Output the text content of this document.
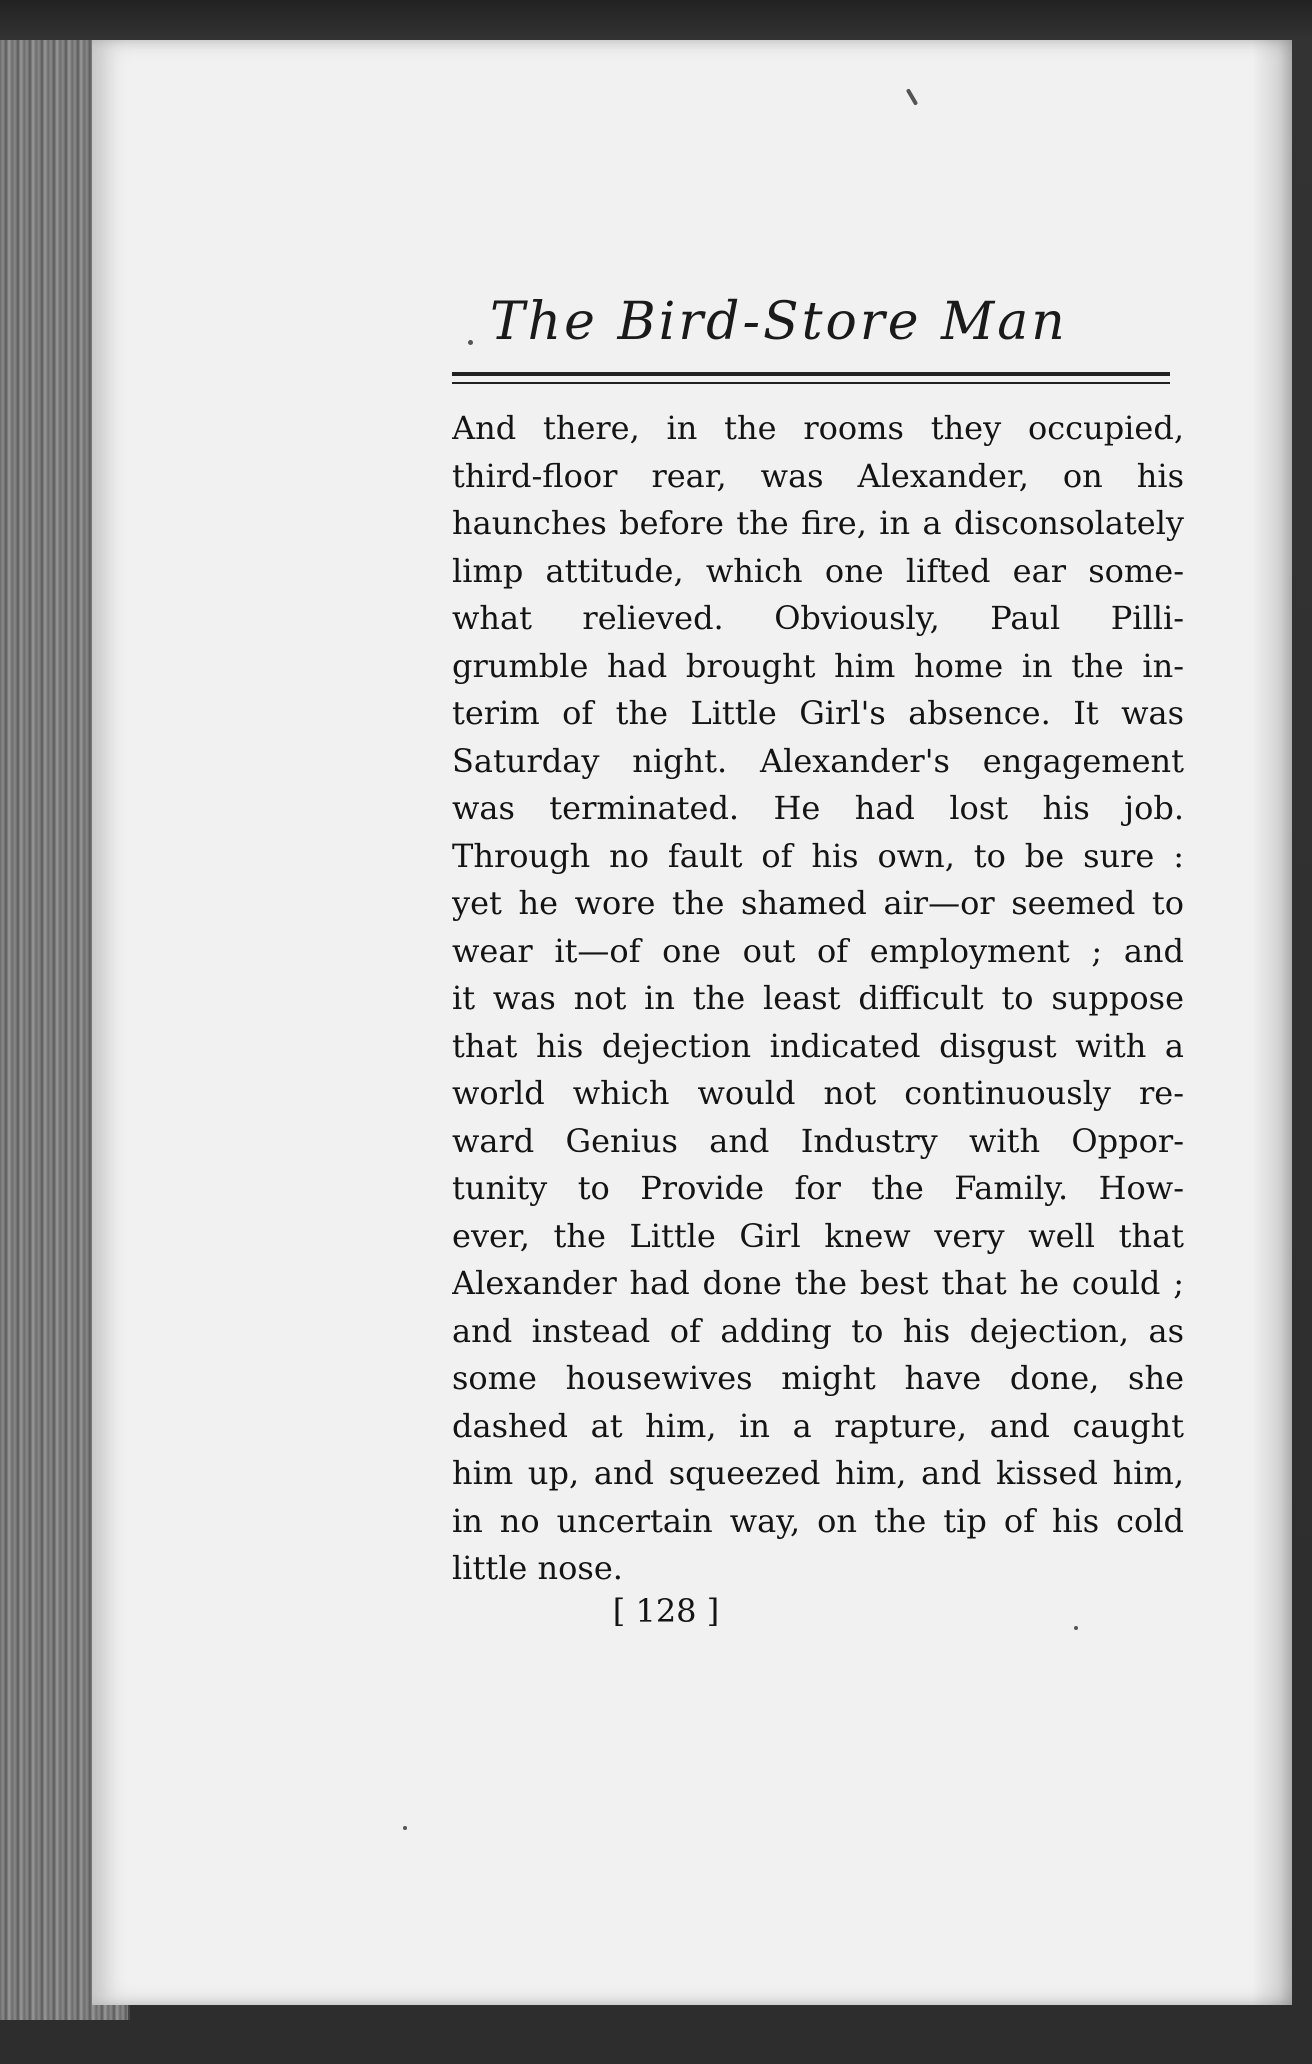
The Bird-Store Man
And there, in the rooms they occupied,
third-floor rear, was Alexander, on his
haunches before the fire, in a disconsolately
limp attitude, which one lifted ear some-
what relieved. Obviously, Paul Pilli-
grumble had brought him home in the in-
terim of the Little Girl's absence. It was
Saturday night. Alexander's engagement
was terminated. He had lost his job.
Through no fault of his own, to be sure :
yet he wore the shamed air—or seemed to
wear it—of one out of employment ; and
it was not in the least difficult to suppose
that his dejection indicated disgust with a
world which would not continuously re-
ward Genius and Industry with Oppor-
tunity to Provide for the Family. How-
ever, the Little Girl knew very well that
Alexander had done the best that he could ;
and instead of adding to his dejection, as
some housewives might have done, she
dashed at him, in a rapture, and caught
him up, and squeezed him, and kissed him,
in no uncertain way, on the tip of his cold
little nose.
[ 128 ]
